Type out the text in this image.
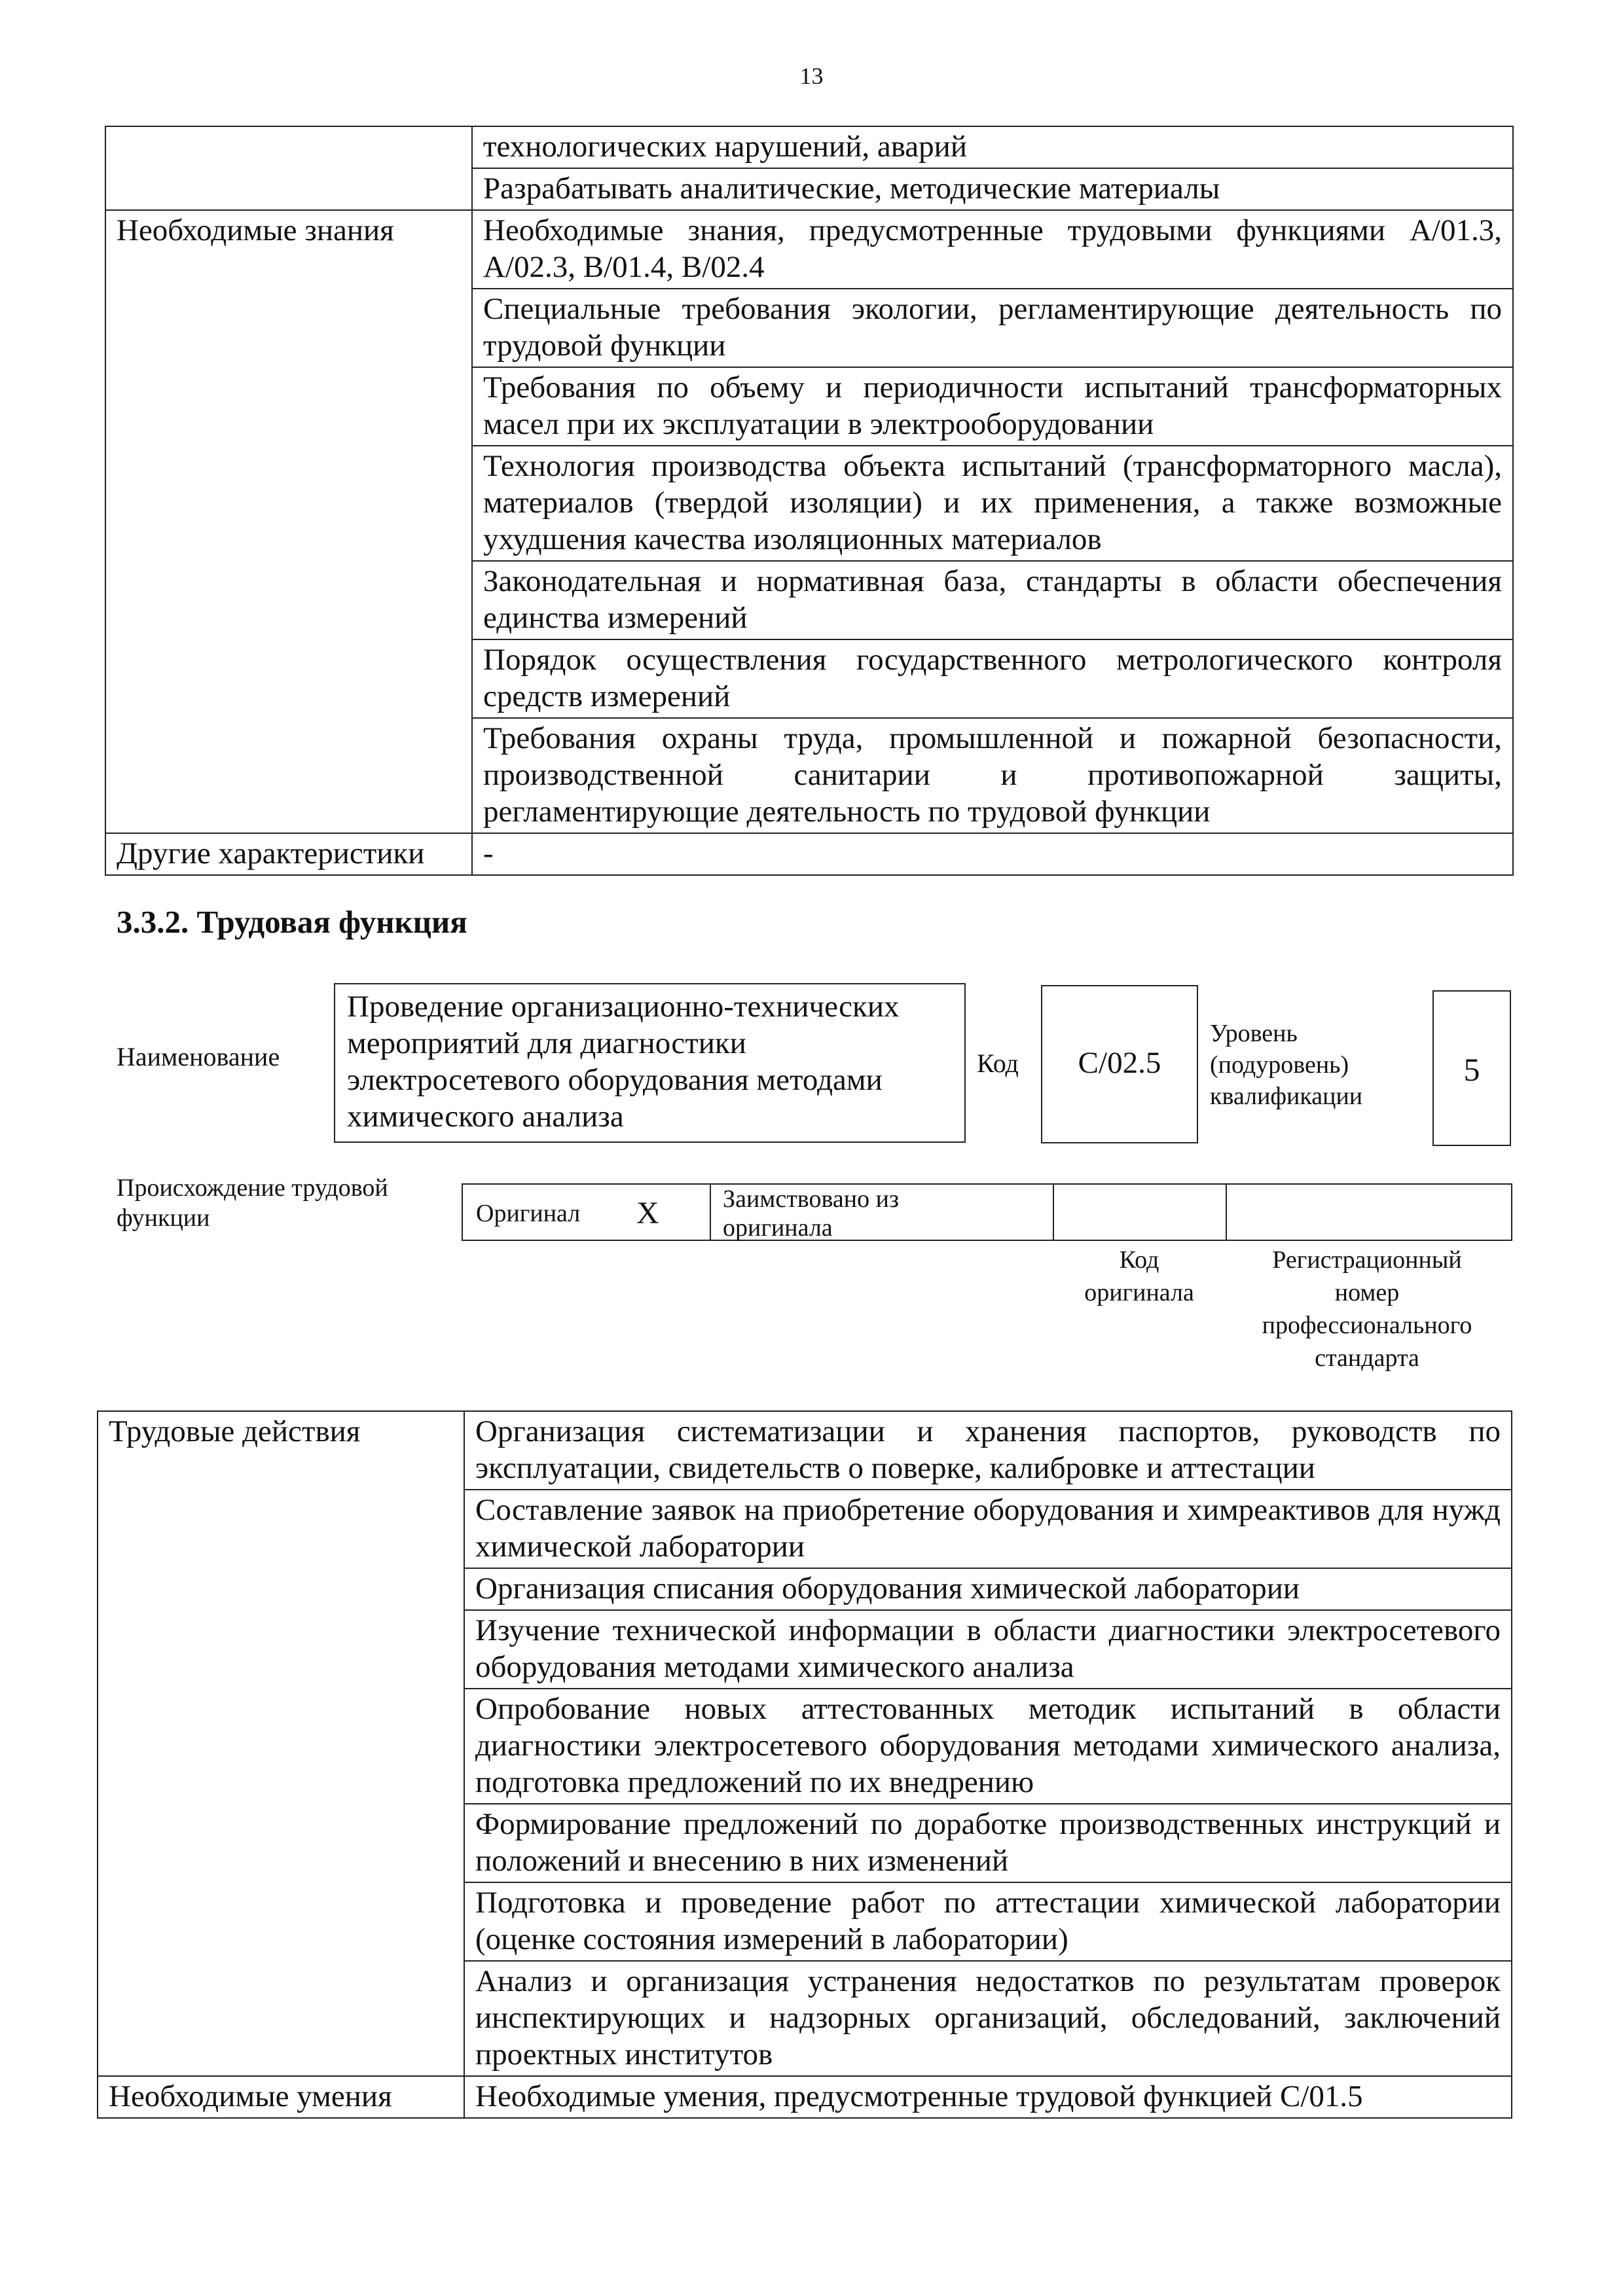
13
	технологических нарушений, аварий
	Разрабатывать аналитические, методические материалы
Необходимые знания	Необходимые знания, предусмотренные трудовыми функциями А/01.3, А/02.3, В/01.4, В/02.4
	Специальные требования экологии, регламентирующие деятельность по трудовой функции
	Требования по объему и периодичности испытаний трансформаторных масел при их эксплуатации в электрооборудовании
	Технология производства объекта испытаний (трансформаторного масла), материалов (твердой изоляции) и их применения, а также возможные ухудшения качества изоляционных материалов
	Законодательная и нормативная база, стандарты в области обеспечения единства измерений
	Порядок осуществления государственного метрологического контроля средств измерений
	Требования охраны труда, промышленной и пожарной безопасности, производственной санитарии и противопожарной защиты, регламентирующие деятельность по трудовой функции
Другие характеристики	-
3.3.2. Трудовая функция
Наименование
Проведение организационно-технических мероприятий для диагностики электросетевого оборудования методами химического анализа
Код	С/02.5
Уровень
(подуровень)
квалификации
5
Происхождение трудовой
функции	Оригинал X	Заимствовано из
оригинала
Код
оригинала
Регистрационный
номер
профессионального
стандарта
Трудовые действия	Организация систематизации и хранения паспортов, руководств по эксплуатации, свидетельств о поверке, калибровке и аттестации
	Составление заявок на приобретение оборудования и химреактивов для нужд химической лаборатории
	Организация списания оборудования химической лаборатории
	Изучение технической информации в области диагностики электросетевого оборудования методами химического анализа
	Опробование новых аттестованных методик испытаний в области диагностики электросетевого оборудования методами химического анализа, подготовка предложений по их внедрению
	Формирование предложений по доработке производственных инструкций и положений и внесению в них изменений
	Подготовка и проведение работ по аттестации химической лаборатории (оценке состояния измерений в лаборатории)
	Анализ и организация устранения недостатков по результатам проверок инспектирующих и надзорных организаций, обследований, заключений проектных институтов
Необходимые умения	Необходимые умения, предусмотренные трудовой функцией С/01.5
